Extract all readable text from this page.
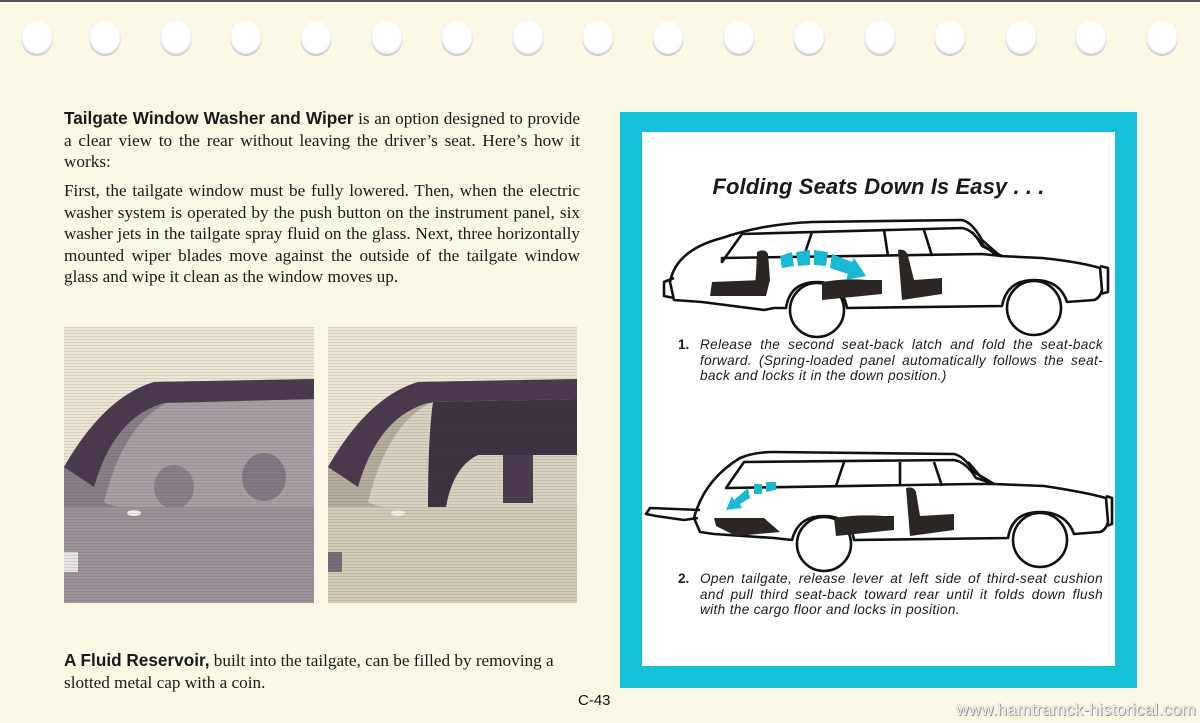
Tailgate Window Washer and Wiper is an option designed to provide a clear view to the rear without leaving the driver’s seat. Here’s how it works:

First, the tailgate window must be fully lowered. Then, when the electric washer system is operated by the push button on the instrument panel, six washer jets in the tailgate spray fluid on the glass. Next, three horizontally mounted wiper blades move against the outside of the tailgate window glass and wipe it clean as the window moves up.

A Fluid Reservoir, built into the tailgate, can be filled by removing a slotted metal cap with a coin.

Folding Seats Down Is Easy . . .
1. Release the second seat-back latch and fold the seat-back forward. (Spring-loaded panel automatically follows the seat-back and locks it in the down position.)
2. Open tailgate, release lever at left side of third-seat cushion and pull third seat-back toward rear until it folds down flush with the cargo floor and locks in position.
C-43	www.hamtramck-historical.com
